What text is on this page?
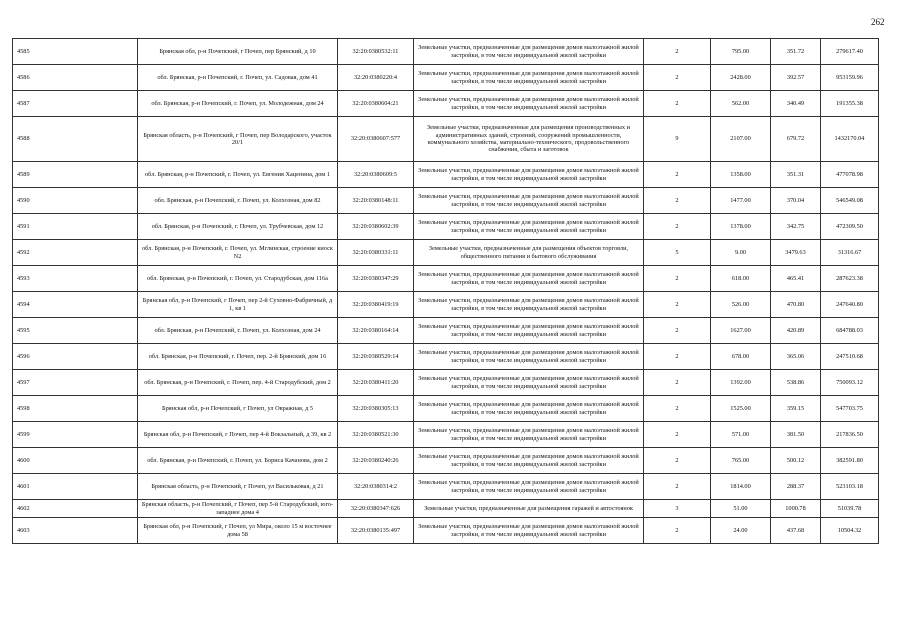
262
4585	Брянская обл, р-н Почепский, г Почеп, пер Брянский, д 10	32:20:0380532:11	Земельные участки, предназначенные для размещения домов малоэтажной жилой застройки, в том числе индивидуальной жилой застройки	2	795.00	351.72	279617.40
4586	обл. Брянская, р-н Почепский, г. Почеп, ул. Садовая, дом 41	32:20:0380220:4	Земельные участки, предназначенные для размещения домов малоэтажной жилой застройки, в том числе индивидуальной жилой застройки	2	2428.00	392.57	953159.96
4587	обл. Брянская, р-н Почепский, г. Почеп, ул. Молодежная, дом 24	32:20:0380604:21	Земельные участки, предназначенные для размещения домов малоэтажной жилой застройки, в том числе индивидуальной жилой застройки	2	562.00	340.49	191355.38
4588	Брянская область, р-н Почепский, г Почеп, пер Володарского, участок 20/1	32:20:0380607:577	Земельные участки, предназначенные для размещения производственных и административных зданий, строений, сооружений промышленности, коммунального хозяйства, материально-технического, продовольственного снабжения, сбыта и заготовок	9	2107.00	679.72	1432170.04
4589	обл. Брянская, р-н Почепский, г. Почеп, ул. Евгения Хаценина, дом 1	32:20:0380609:5	Земельные участки, предназначенные для размещения домов малоэтажной жилой застройки, в том числе индивидуальной жилой застройки	2	1358.00	351.31	477078.98
4590	обл. Брянская, р-н Почепский, г. Почеп, ул. Колхозная, дом 82	32:20:0380148:11	Земельные участки, предназначенные для размещения домов малоэтажной жилой застройки, в том числе индивидуальной жилой застройки	2	1477.00	370.04	546549.08
4591	обл. Брянская, р-н Почепский, г. Почеп, ул. Трубчевская, дом 12	32:20:0380602:39	Земельные участки, предназначенные для размещения домов малоэтажной жилой застройки, в том числе индивидуальной жилой застройки	2	1378.00	342.75	472309.50
4592	обл. Брянская, р-н Почепский, г. Почеп, ул. Мглинская, строение киоск N2	32:20:0380331:11	Земельные участки, предназначенные для размещения объектов торговли, общественного питания и бытового обслуживания	5	9.00	3479.63	31316.67
4593	обл. Брянская, р-н Почепский, г. Почеп, ул. Стародубская, дом 116а	32:20:0380347:29	Земельные участки, предназначенные для размещения домов малоэтажной жилой застройки, в том числе индивидуальной жилой застройки	2	618.00	465.41	287623.38
4594	Брянская обл, р-н Почепский, г Почеп, пер 2-й Суховно-Фабричный, д 1, кв 1	32:20:0380419:19	Земельные участки, предназначенные для размещения домов малоэтажной жилой застройки, в том числе индивидуальной жилой застройки	2	526.00	470.80	247640.80
4595	обл. Брянская, р-н Почепский, г. Почеп, ул. Колхозная, дом 24	32:20:0380164:14	Земельные участки, предназначенные для размещения домов малоэтажной жилой застройки, в том числе индивидуальной жилой застройки	2	1627.00	420.89	684788.03
4596	обл. Брянская, р-н Почепский, г. Почеп, пер. 2-й Брянский, дом 16	32:20:0380529:14	Земельные участки, предназначенные для размещения домов малоэтажной жилой застройки, в том числе индивидуальной жилой застройки	2	678.00	365.06	247510.68
4597	обл. Брянская, р-н Почепский, г. Почеп, пер. 4-й Стародубский, дом 2	32:20:0380411:20	Земельные участки, предназначенные для размещения домов малоэтажной жилой застройки, в том числе индивидуальной жилой застройки	2	1392.00	538.86	750093.12
4598	Брянская обл, р-н Почепский, г Почеп, ул Овражная, д 5	32:20:0380305:13	Земельные участки, предназначенные для размещения домов малоэтажной жилой застройки, в том числе индивидуальной жилой застройки	2	1525.00	359.15	547703.75
4599	Брянская обл, р-н Почепский, г Почеп, пер 4-й Вокзальный, д 39, кв 2	32:20:0380521:30	Земельные участки, предназначенные для размещения домов малоэтажной жилой застройки, в том числе индивидуальной жилой застройки	2	571.00	381.50	217836.50
4600	обл. Брянская, р-н Почепский, г. Почеп, ул. Бориса Качанова, дом 2	32:20:0380240:26	Земельные участки, предназначенные для размещения домов малоэтажной жилой застройки, в том числе индивидуальной жилой застройки	2	765.00	500.12	382591.80
4601	Брянская область, р-н Почепский, г Почеп, ул Васильковая, д 21	32:20:0380314:2	Земельные участки, предназначенные для размещения домов малоэтажной жилой застройки, в том числе индивидуальной жилой застройки	2	1814.00	288.37	523103.18
4602	Брянская область, р-н Почепский, г Почеп, пер 5-й Стародубский, юго-западнее дома 4	32:20:0380347:626	Земельные участки, предназначенные для размещения гаражей и автостоянок	3	51.00	1000.78	51039.78
4603	Брянская обл, р-н Почепский, г Почеп, ул Мира, около 15 м восточнее дома 58	32:20:0380135:497	Земельные участки, предназначенные для размещения домов малоэтажной жилой застройки, в том числе индивидуальной жилой застройки	2	24.00	437.68	10504.32
